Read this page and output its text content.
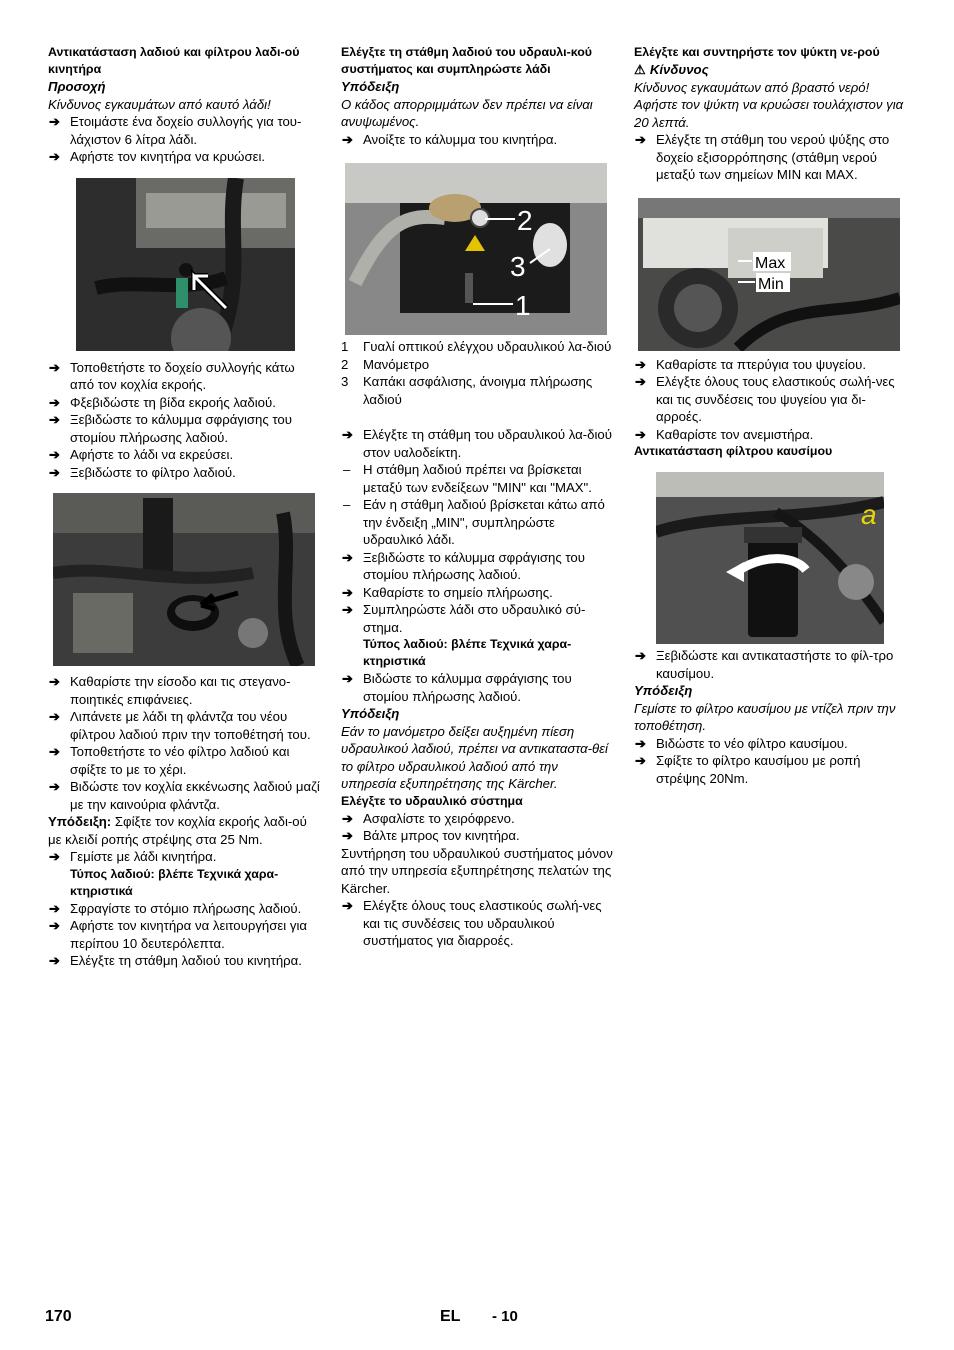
Αντικατάσταση λαδιού και φίλτρου λαδι-ού κινητήρα
Προσοχή
Κίνδυνος εγκαυμάτων από καυτό λάδι!
➔ Ετοιμάστε ένα δοχείο συλλογής για του-λάχιστον 6 λίτρα λάδι.
➔ Αφήστε τον κινητήρα να κρυώσει.
➔ Τοποθετήστε το δοχείο συλλογής κάτω από τον κοχλία εκροής.
➔ Φξεβιδώστε τη βίδα εκροής λαδιού.
➔ Ξεβιδώστε το κάλυμμα σφράγισης του στομίου πλήρωσης λαδιού.
➔ Αφήστε το λάδι να εκρεύσει.
➔ Ξεβιδώστε το φίλτρο λαδιού.
➔ Καθαρίστε την είσοδο και τις στεγανο-ποιητικές επιφάνειες.
➔ Λιπάνετε με λάδι τη φλάντζα του νέου φίλτρου λαδιού πριν την τοποθέτησή του.
➔ Τοποθετήστε το νέο φίλτρο λαδιού και σφίξτε το με το χέρι.
➔ Βιδώστε τον κοχλία εκκένωσης λαδιού μαζί με την καινούρια φλάντζα.
Υπόδειξη: Σφίξτε τον κοχλία εκροής λαδι-ού με κλειδί ροπής στρέψης στα 25 Nm.
➔ Γεμίστε με λάδι κινητήρα.
Τύπος λαδιού: βλέπε Τεχνικά χαρα-κτηριστικά
➔ Σφραγίστε το στόμιο πλήρωσης λαδιού.
➔ Αφήστε τον κινητήρα να λειτουργήσει για περίπου 10 δευτερόλεπτα.
➔ Ελέγξτε τη στάθμη λαδιού του κινητήρα.
Ελέγξτε τη στάθμη λαδιού του υδραυλι-κού συστήματος και συμπληρώστε λάδι
Υπόδειξη
Ο κάδος απορριμμάτων δεν πρέπει να είναι ανυψωμένος.
➔ Ανοίξτε το κάλυμμα του κινητήρα.
2
3
1
1 Γυαλί οπτικού ελέγχου υδραυλικού λα-διού
2 Μανόμετρο
3 Καπάκι ασφάλισης, άνοιγμα πλήρωσης λαδιού
➔ Ελέγξτε τη στάθμη του υδραυλικού λα-διού στον υαλοδείκτη.
– Η στάθμη λαδιού πρέπει να βρίσκεται μεταξύ των ενδείξεων "MIN" και "MAX".
– Εάν η στάθμη λαδιού βρίσκεται κάτω από την ένδειξη „MIN", συμπληρώστε υδραυλικό λάδι.
➔ Ξεβιδώστε το κάλυμμα σφράγισης του στομίου πλήρωσης λαδιού.
➔ Καθαρίστε το σημείο πλήρωσης.
➔ Συμπληρώστε λάδι στο υδραυλικό σύ-στημα.
Τύπος λαδιού: βλέπε Τεχνικά χαρα-κτηριστικά
➔ Βιδώστε το κάλυμμα σφράγισης του στομίου πλήρωσης λαδιού.
Υπόδειξη
Εάν το μανόμετρο δείξει αυξημένη πίεση υδραυλικού λαδιού, πρέπει να αντικαταστα-θεί το φίλτρο υδραυλικού λαδιού από την υπηρεσία εξυπηρέτησης της Kärcher.
Ελέγξτε το υδραυλικό σύστημα
➔ Ασφαλίστε το χειρόφρενο.
➔ Βάλτε μπρος τον κινητήρα.
Συντήρηση του υδραυλικού συστήματος μόνον από την υπηρεσία εξυπηρέτησης πελατών της Kärcher.
➔ Ελέγξτε όλους τους ελαστικούς σωλή-νες και τις συνδέσεις του υδραυλικού συστήματος για διαρροές.
Ελέγξτε και συντηρήστε τον ψύκτη νε-ρού
⚠ Κίνδυνος
Κίνδυνος εγκαυμάτων από βραστό νερό! Αφήστε τον ψύκτη να κρυώσει τουλάχιστον για 20 λεπτά.
➔ Ελέγξτε τη στάθμη του νερού ψύξης στο δοχείο εξισορρόπησης (στάθμη νερού μεταξύ των σημείων MIN και MAX.
Max
Min
➔ Καθαρίστε τα πτερύγια του ψυγείου.
➔ Ελέγξτε όλους τους ελαστικούς σωλή-νες και τις συνδέσεις του ψυγείου για δι-αρροές.
➔ Καθαρίστε τον ανεμιστήρα.
Αντικατάσταση φίλτρου καυσίμου
a
➔ Ξεβιδώστε και αντικαταστήστε το φίλ-τρο καυσίμου.
Υπόδειξη
Γεμίστε το φίλτρο καυσίμου με ντίζελ πριν την τοποθέτηση.
➔ Βιδώστε το νέο φίλτρο καυσίμου.
➔ Σφίξτε το φίλτρο καυσίμου με ροπή στρέψης 20Nm.
170	EL - 10
